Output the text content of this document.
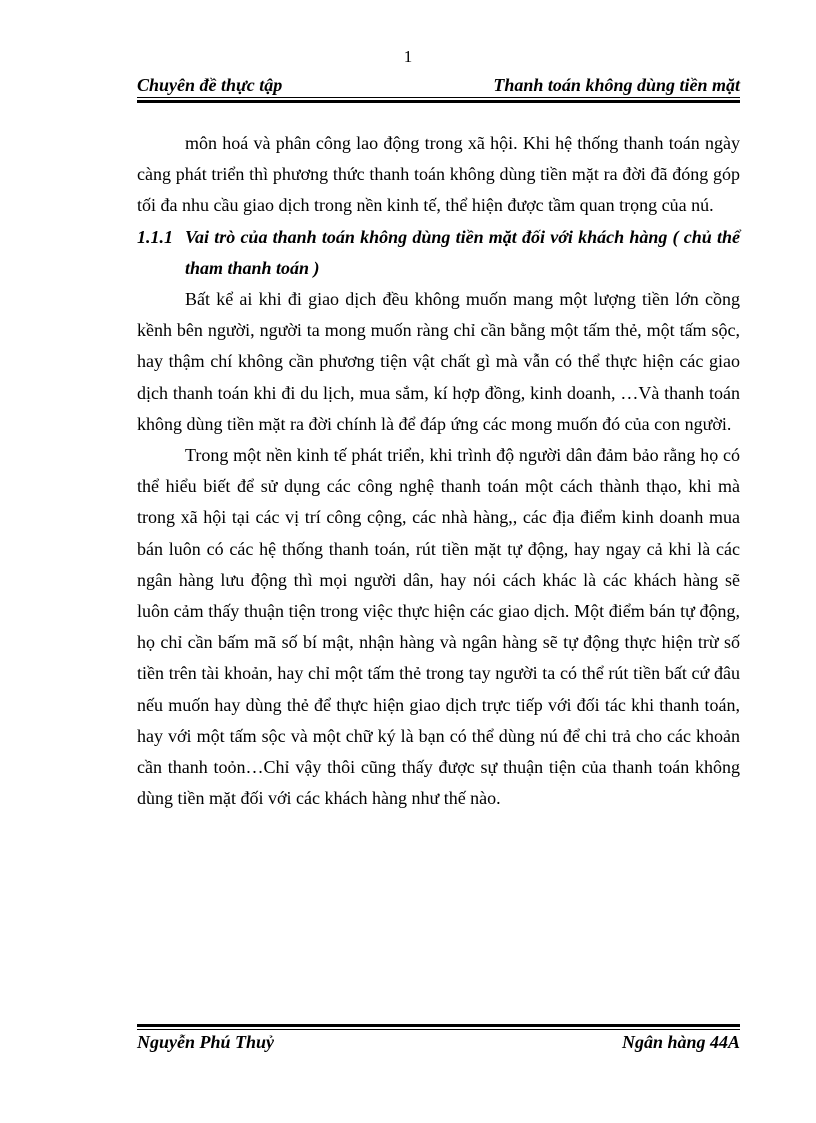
1
Chuyên đề thực tập	Thanh toán không dùng tiền mặt

môn hoá và phân công lao động trong xã hội. Khi hệ thống thanh toán ngày càng phát triển thì phương thức thanh toán không dùng tiền mặt ra đời đã đóng góp tối đa nhu cầu giao dịch trong nền kinh tế, thể hiện được tầm quan trọng của nú.

1.1.1 Vai trò của thanh toán không dùng tiền mặt đối với khách hàng ( chủ thể tham thanh toán )

Bất kể ai khi đi giao dịch đều không muốn mang một lượng tiền lớn cồng kềnh bên người, người ta mong muốn ràng chỉ cần bằng một tấm thẻ, một tấm sộc, hay thậm chí không cần phương tiện vật chất gì mà vẫn có thể thực hiện các giao dịch thanh toán khi đi du lịch, mua sắm, kí hợp đồng, kinh doanh, …Và thanh toán không dùng tiền mặt ra đời chính là để đáp ứng các mong muốn đó của con người.

Trong một nền kinh tế phát triển, khi trình độ người dân đảm bảo rằng họ có thể hiểu biết để sử dụng các công nghệ thanh toán một cách thành thạo, khi mà trong xã hội tại các vị trí công cộng, các nhà hàng,, các địa điểm kinh doanh mua bán luôn có các hệ thống thanh toán, rút tiền mặt tự động, hay ngay cả khi là các ngân hàng lưu động thì mọi người dân, hay nói cách khác là các khách hàng sẽ luôn cảm thấy thuận tiện trong việc thực hiện các giao dịch. Một điểm bán tự động, họ chỉ cần bấm mã số bí mật, nhận hàng và ngân hàng sẽ tự động thực hiện trừ số tiền trên tài khoản, hay chỉ một tấm thẻ trong tay người ta có thể rút tiền bất cứ đâu nếu muốn hay dùng thẻ để thực hiện giao dịch trực tiếp với đối tác khi thanh toán, hay với một tấm sộc và một chữ ký là bạn có thể dùng nú để chi trả cho các khoản cần thanh toỏn…Chỉ vậy thôi cũng thấy được sự thuận tiện của thanh toán không dùng tiền mặt đối với các khách hàng như thế nào.

Nguyễn Phú Thuỷ	Ngân hàng 44A
